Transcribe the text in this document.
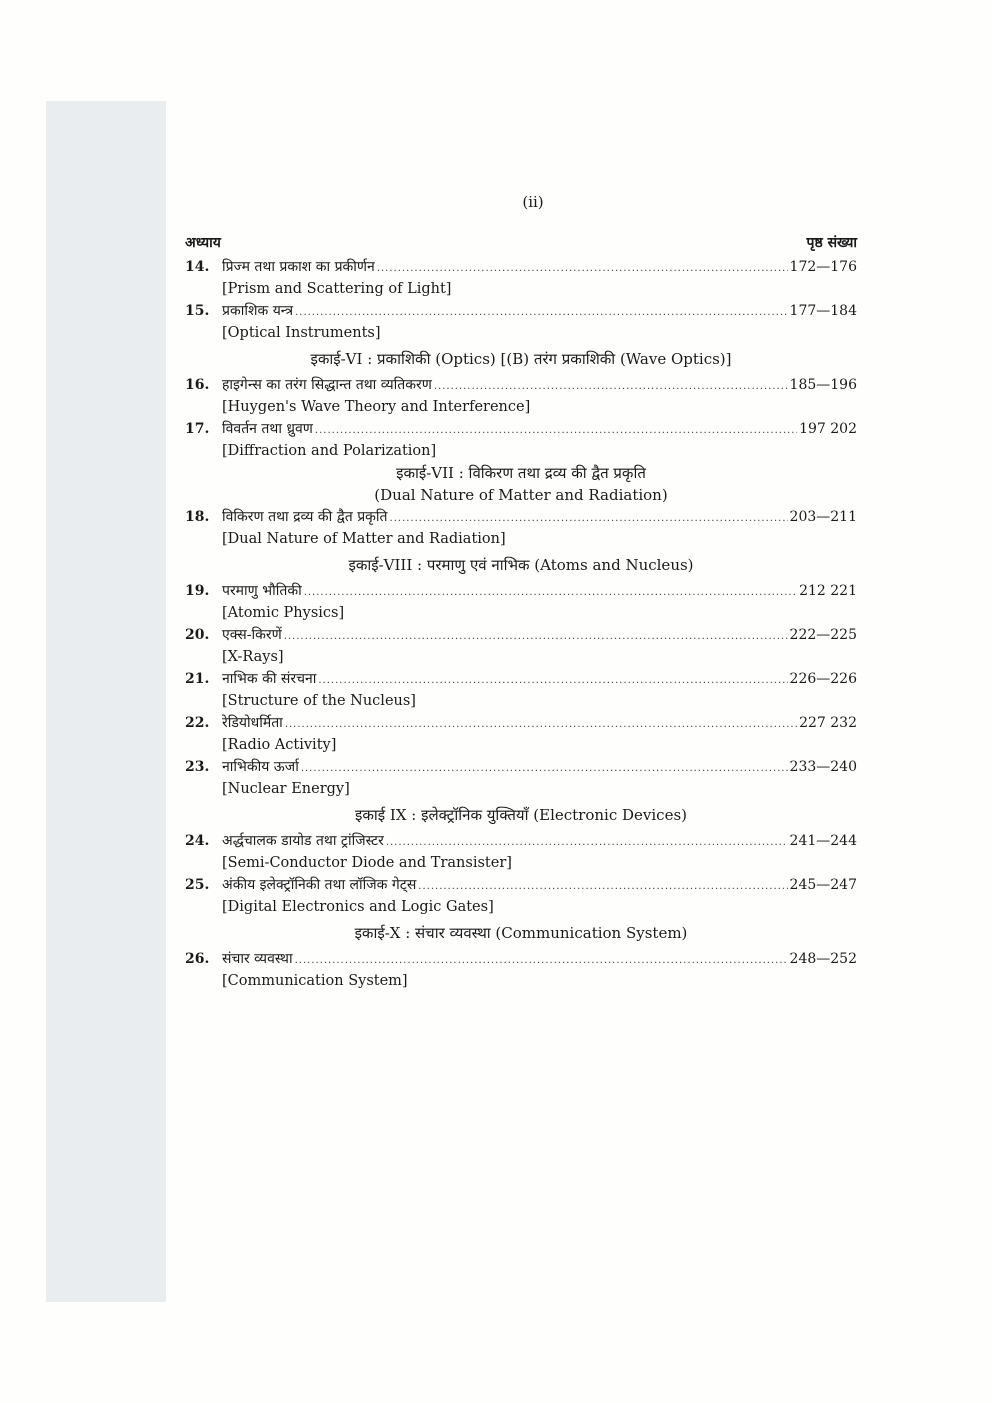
(ii)
अध्याय	पृष्ठ संख्या
14. प्रिज्म तथा प्रकाश का प्रकीर्णन .....	172—176
[Prism and Scattering of Light]
15. प्रकाशिक यन्त्र .....	177—184
[Optical Instruments]
इकाई-VI : प्रकाशिकी (Optics) [(B) तरंग प्रकाशिकी (Wave Optics)]
16. हाइगेन्स का तरंग सिद्धान्त तथा व्यतिकरण .....	185—196
[Huygen's Wave Theory and Interference]
17. विवर्तन तथा ध्रुवण .....	197 202
[Diffraction and Polarization]
इकाई-VII : विकिरण तथा द्रव्य की द्वैत प्रकृति
(Dual Nature of Matter and Radiation)
18. विकिरण तथा द्रव्य की द्वैत प्रकृति .....	203—211
[Dual Nature of Matter and Radiation]
इकाई-VIII : परमाणु एवं नाभिक (Atoms and Nucleus)
19. परमाणु भौतिकी .....	212 221
[Atomic Physics]
20. एक्स-किरणें .....	222—225
[X-Rays]
21. नाभिक की संरचना .....	226—226
[Structure of the Nucleus]
22. रेडियोधर्मिता .....	227 232
[Radio Activity]
23. नाभिकीय ऊर्जा .....	233—240
[Nuclear Energy]
इकाई IX : इलेक्ट्रॉनिक युक्तियाँ (Electronic Devices)
24. अर्द्धचालक डायोड तथा ट्रांजिस्टर .....	241—244
[Semi-Conductor Diode and Transister]
25. अंकीय इलेक्ट्रॉनिकी तथा लॉजिक गेट्स .....	245—247
[Digital Electronics and Logic Gates]
इकाई-X : संचार व्यवस्था (Communication System)
26. संचार व्यवस्था .....	248—252
[Communication System]
